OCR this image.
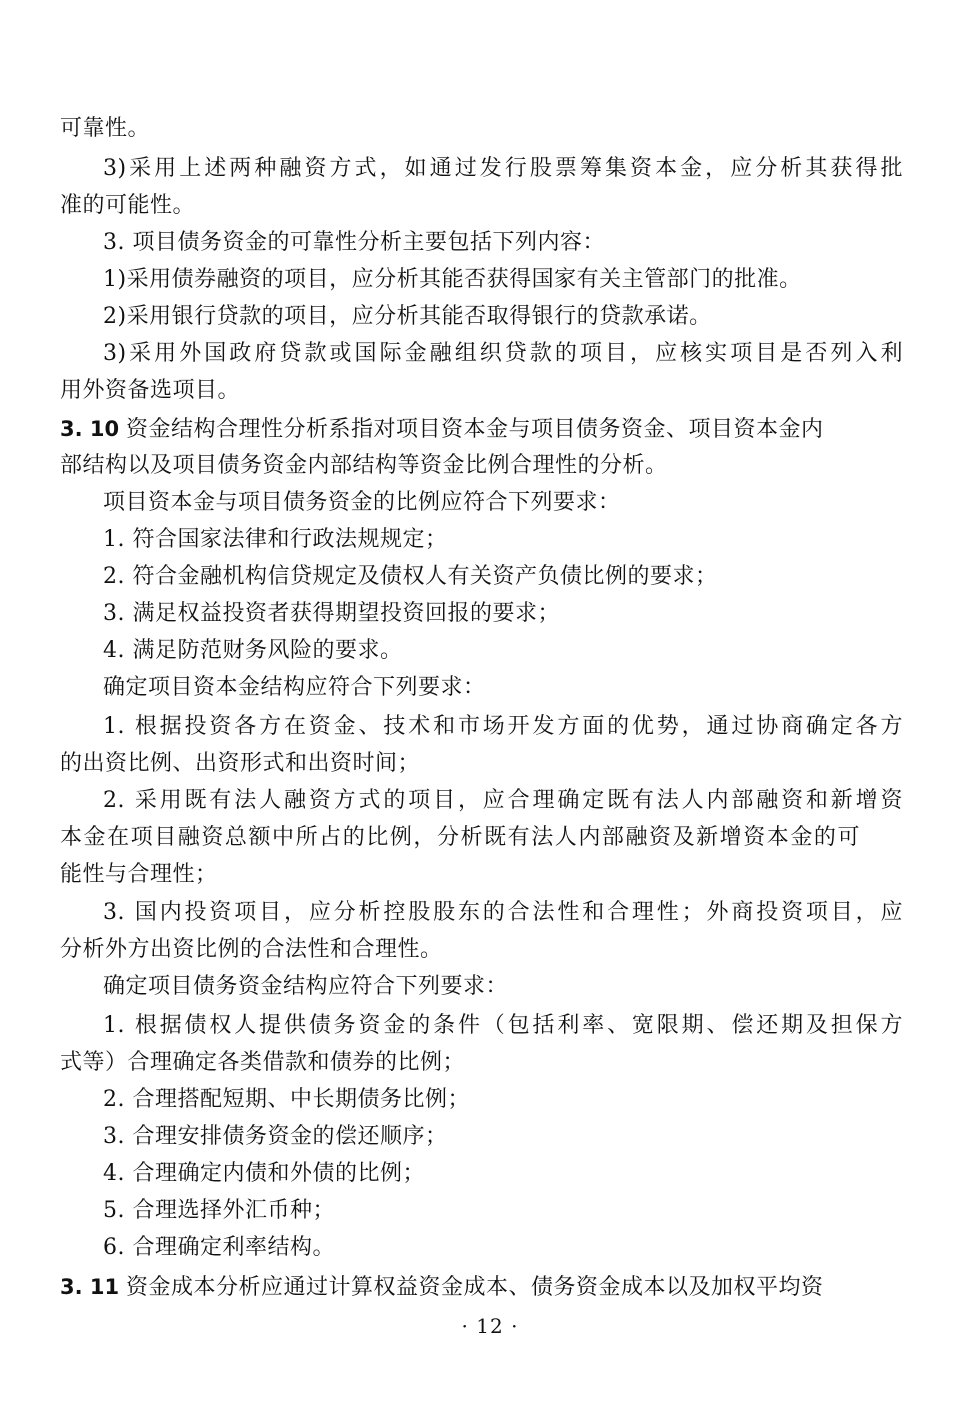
可靠性。
3)采用上述两种融资方式，如通过发行股票筹集资本金，应分析其获得批
准的可能性。
3. 项目债务资金的可靠性分析主要包括下列内容：
1)采用债券融资的项目，应分析其能否获得国家有关主管部门的批准。
2)采用银行贷款的项目，应分析其能否取得银行的贷款承诺。
3)采用外国政府贷款或国际金融组织贷款的项目，应核实项目是否列入利
用外资备选项目。
3. 10 资金结构合理性分析系指对项目资本金与项目债务资金、项目资本金内
部结构以及项目债务资金内部结构等资金比例合理性的分析。
项目资本金与项目债务资金的比例应符合下列要求：
1. 符合国家法律和行政法规规定；
2. 符合金融机构信贷规定及债权人有关资产负债比例的要求；
3. 满足权益投资者获得期望投资回报的要求；
4. 满足防范财务风险的要求。
确定项目资本金结构应符合下列要求：
1. 根据投资各方在资金、技术和市场开发方面的优势，通过协商确定各方
的出资比例、出资形式和出资时间；
2. 采用既有法人融资方式的项目，应合理确定既有法人内部融资和新增资
本金在项目融资总额中所占的比例，分析既有法人内部融资及新增资本金的可
能性与合理性；
3. 国内投资项目，应分析控股股东的合法性和合理性；外商投资项目，应
分析外方出资比例的合法性和合理性。
确定项目债务资金结构应符合下列要求：
1. 根据债权人提供债务资金的条件（包括利率、宽限期、偿还期及担保方
式等）合理确定各类借款和债券的比例；
2. 合理搭配短期、中长期债务比例；
3. 合理安排债务资金的偿还顺序；
4. 合理确定内债和外债的比例；
5. 合理选择外汇币种；
6. 合理确定利率结构。
3. 11 资金成本分析应通过计算权益资金成本、债务资金成本以及加权平均资
· 12 ·
